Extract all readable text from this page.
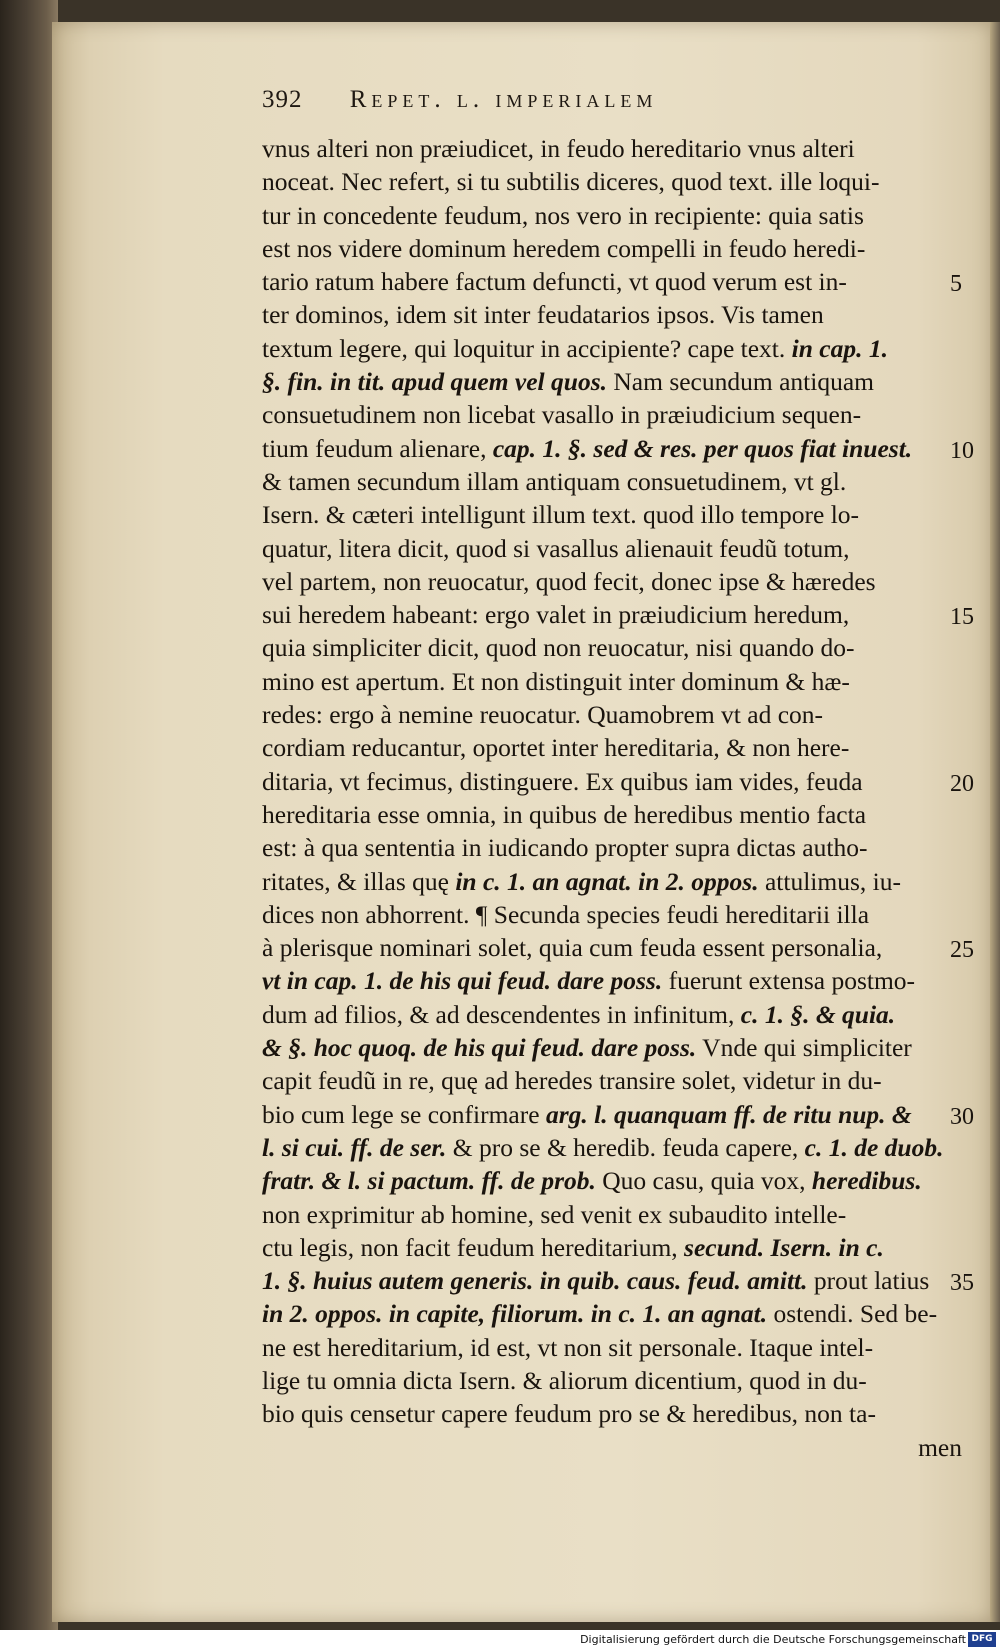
392 Repet. l. imperialem
vnus alteri non præiudicet, in feudo hereditario vnus alteri
noceat. Nec refert, si tu subtilis diceres, quod text. ille loqui-
tur in concedente feudum, nos vero in recipiente: quia satis
est nos videre dominum heredem compelli in feudo heredi-
tario ratum habere factum defuncti, vt quod verum est in-
ter dominos, idem sit inter feudatarios ipsos. Vis tamen
textum legere, qui loquitur in accipiente? cape text. in cap. 1.
§. fin. in tit. apud quem vel quos. Nam secundum antiquam
consuetudinem non licebat vasallo in præiudicium sequen-
tium feudum alienare, cap. 1. §. sed & res. per quos fiat inuest.
& tamen secundum illam antiquam consuetudinem, vt gl.
Isern. & cæteri intelligunt illum text. quod illo tempore lo-
quatur, litera dicit, quod si vasallus alienauit feudũ totum,
vel partem, non reuocatur, quod fecit, donec ipse & hæredes
sui heredem habeant: ergo valet in præiudicium heredum,
quia simpliciter dicit, quod non reuocatur, nisi quando do-
mino est apertum. Et non distinguit inter dominum & hæ-
redes: ergo à nemine reuocatur. Quamobrem vt ad con-
cordiam reducantur, oportet inter hereditaria, & non here-
ditaria, vt fecimus, distinguere. Ex quibus iam vides, feuda
hereditaria esse omnia, in quibus de heredibus mentio facta
est: à qua sententia in iudicando propter supra dictas autho-
ritates, & illas quę in c. 1. an agnat. in 2. oppos. attulimus, iu-
dices non abhorrent. ¶ Secunda species feudi hereditarii illa
à plerisque nominari solet, quia cum feuda essent personalia,
vt in cap. 1. de his qui feud. dare poss. fuerunt extensa postmo-
dum ad filios, & ad descendentes in infinitum, c. 1. §. & quia.
& §. hoc quoq. de his qui feud. dare poss. Vnde qui simpliciter
capit feudũ in re, quę ad heredes transire solet, videtur in du-
bio cum lege se confirmare arg. l. quanquam ff. de ritu nup. &
l. si cui. ff. de ser. & pro se & heredib. feuda capere, c. 1. de duob.
fratr. & l. si pactum. ff. de prob. Quo casu, quia vox, heredibus.
non exprimitur ab homine, sed venit ex subaudito intelle-
ctu legis, non facit feudum hereditarium, secund. Isern. in c.
1. §. huius autem generis. in quib. caus. feud. amitt. prout latius
in 2. oppos. in capite, filiorum. in c. 1. an agnat. ostendi. Sed be-
ne est hereditarium, id est, vt non sit personale. Itaque intel-
lige tu omnia dicta Isern. & aliorum dicentium, quod in du-
bio quis censetur capere feudum pro se & heredibus, non ta-
men
5
10
15
20
25
30
35
Digitalisierung gefördert durch die Deutsche Forschungsgemeinschaft DFG
